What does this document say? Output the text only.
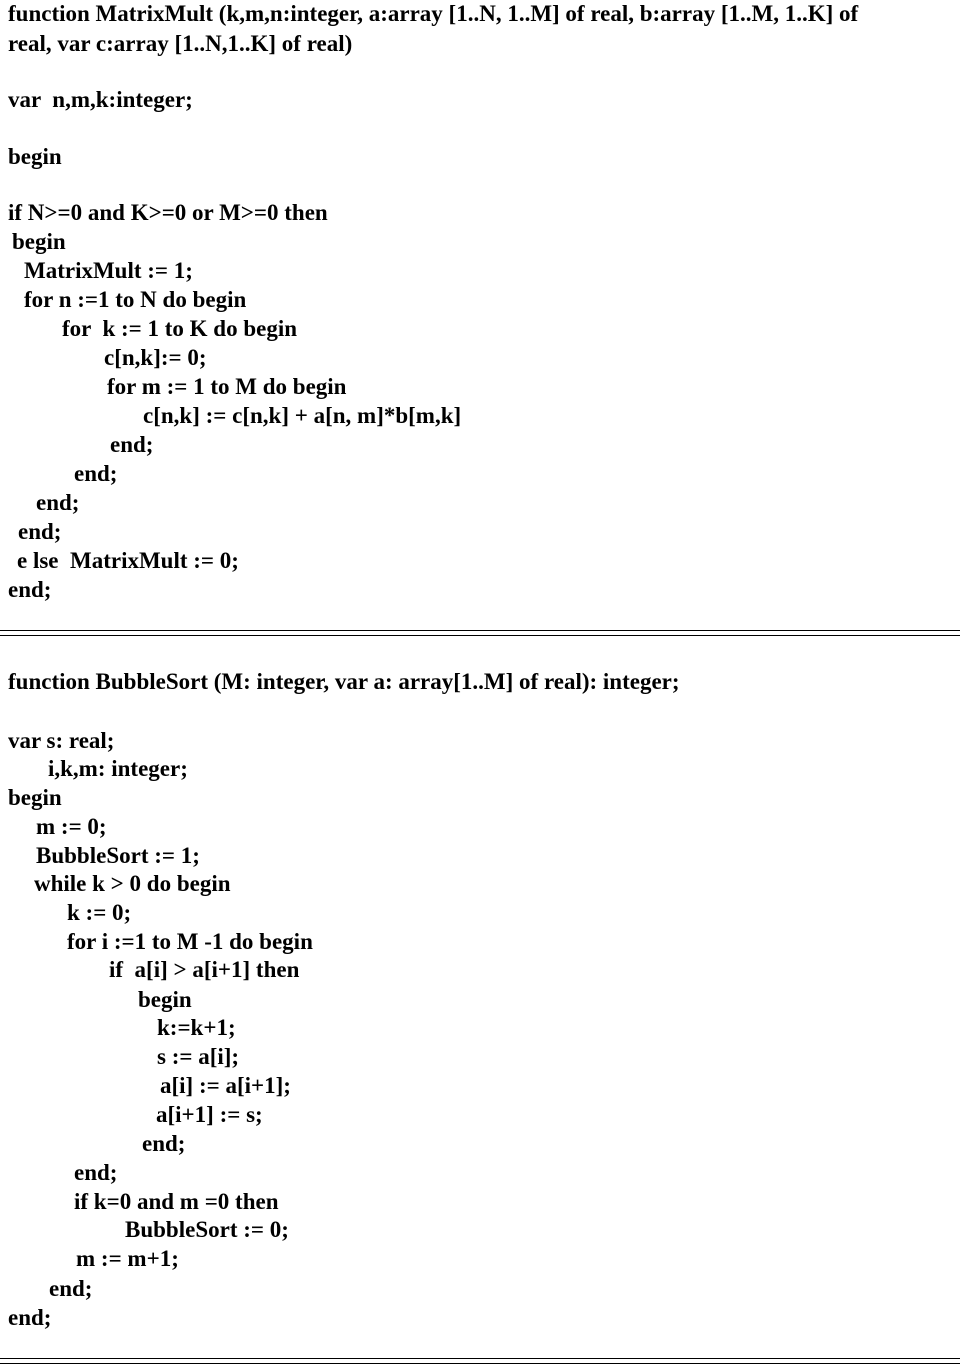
function MatrixMult (k,m,n:integer, a:array [1..N, 1..M] of real, b:array [1..M, 1..K] of
real, var c:array [1..N,1..K] of real)
var  n,m,k:integer;
begin
if N>=0 and K>=0 or M>=0 then
begin
MatrixMult := 1;
for n :=1 to N do begin
for  k := 1 to K do begin
c[n,k]:= 0;
for m := 1 to M do begin
c[n,k] := c[n,k] + a[n, m]*b[m,k]
end;
end;
end;
end;
e lse  MatrixMult := 0;
end;
function BubbleSort (M: integer, var a: array[1..M] of real): integer;
var s: real;
i,k,m: integer;
begin
m := 0;
BubbleSort := 1;
while k > 0 do begin
k := 0;
for i :=1 to M -1 do begin
if  a[i] > a[i+1] then
begin
k:=k+1;
s := a[i];
a[i] := a[i+1];
a[i+1] := s;
end;
end;
if k=0 and m =0 then
BubbleSort := 0;
m := m+1;
end;
end;
